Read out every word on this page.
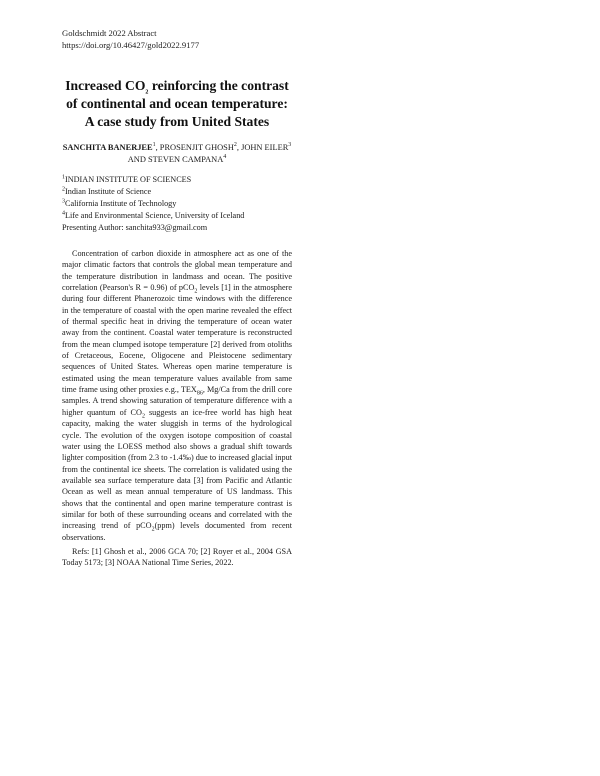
Goldschmidt 2022 Abstract
https://doi.org/10.46427/gold2022.9177
Increased $CO_2$ reinforcing the contrast of continental and ocean temperature: A case study from United States
SANCHITA BANERJEE$^1$, PROSENJIT GHOSH$^2$, JOHN EILER$^3$ AND STEVEN CAMPANA$^4$
$^1$INDIAN INSTITUTE OF SCIENCES
$^2$Indian Institute of Science
$^3$California Institute of Technology
$^4$Life and Environmental Science, University of Iceland
Presenting Author: sanchita933@gmail.com
Concentration of carbon dioxide in atmosphere act as one of the major climatic factors that controls the global mean temperature and the temperature distribution in landmass and ocean. The positive correlation (Pearson's R = 0.96) of pCO$_2$ levels [1] in the atmosphere during four different Phanerozoic time windows with the difference in the temperature of coastal with the open marine revealed the effect of thermal specific heat in driving the temperature of ocean water away from the continent. Coastal water temperature is reconstructed from the mean clumped isotope temperature [2] derived from otoliths of Cretaceous, Eocene, Oligocene and Pleistocene sedimentary sequences of United States. Whereas open marine temperature is estimated using the mean temperature values available from same time frame using other proxies e.g., $TEX_{86}$, Mg/Ca from the drill core samples. A trend showing saturation of temperature difference with a higher quantum of $CO_2$ suggests an ice-free world has high heat capacity, making the water sluggish in terms of the hydrological cycle. The evolution of the oxygen isotope composition of coastal water using the LOESS method also shows a gradual shift towards lighter composition (from 2.3 to -1.4‰) due to increased glacial input from the continental ice sheets. The correlation is validated using the available sea surface temperature data [3] from Pacific and Atlantic Ocean as well as mean annual temperature of US landmass. This shows that the continental and open marine temperature contrast is similar for both of these surrounding oceans and correlated with the increasing trend of pCO$_2$(ppm) levels documented from recent observations.
Refs: [1] Ghosh et al., 2006 GCA 70; [2] Royer et al., 2004 GSA Today 5173; [3] NOAA National Time Series, 2022.
